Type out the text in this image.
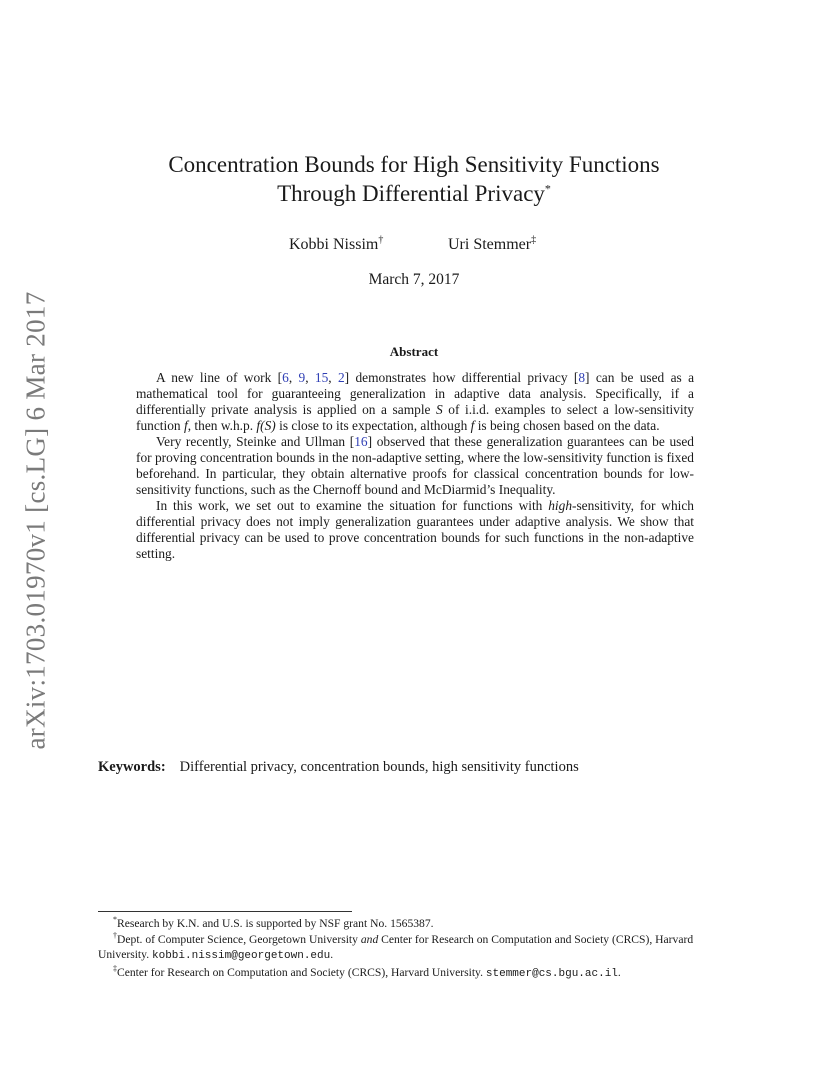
arXiv:1703.01970v1 [cs.LG] 6 Mar 2017
Concentration Bounds for High Sensitivity Functions
Through Differential Privacy*
Kobbi Nissim†	Uri Stemmer‡
March 7, 2017
Abstract

A new line of work [6, 9, 15, 2] demonstrates how differential privacy [8] can be used as a mathematical tool for guaranteeing generalization in adaptive data analysis. Specifically, if a differentially private analysis is applied on a sample S of i.i.d. examples to select a low-sensitivity function f, then w.h.p. f(S) is close to its expectation, although f is being chosen based on the data.

Very recently, Steinke and Ullman [16] observed that these generalization guarantees can be used for proving concentration bounds in the non-adaptive setting, where the low-sensitivity function is fixed beforehand. In particular, they obtain alternative proofs for classical concentration bounds for low-sensitivity functions, such as the Chernoff bound and McDiarmid’s Inequality.

In this work, we set out to examine the situation for functions with high-sensitivity, for which differential privacy does not imply generalization guarantees under adaptive analysis. We show that differential privacy can be used to prove concentration bounds for such functions in the non-adaptive setting.

Keywords: Differential privacy, concentration bounds, high sensitivity functions

*Research by K.N. and U.S. is supported by NSF grant No. 1565387.

†Dept. of Computer Science, Georgetown University and Center for Research on Computation and Society (CRCS), Harvard University. kobbi.nissim@georgetown.edu.

‡Center for Research on Computation and Society (CRCS), Harvard University. stemmer@cs.bgu.ac.il.
